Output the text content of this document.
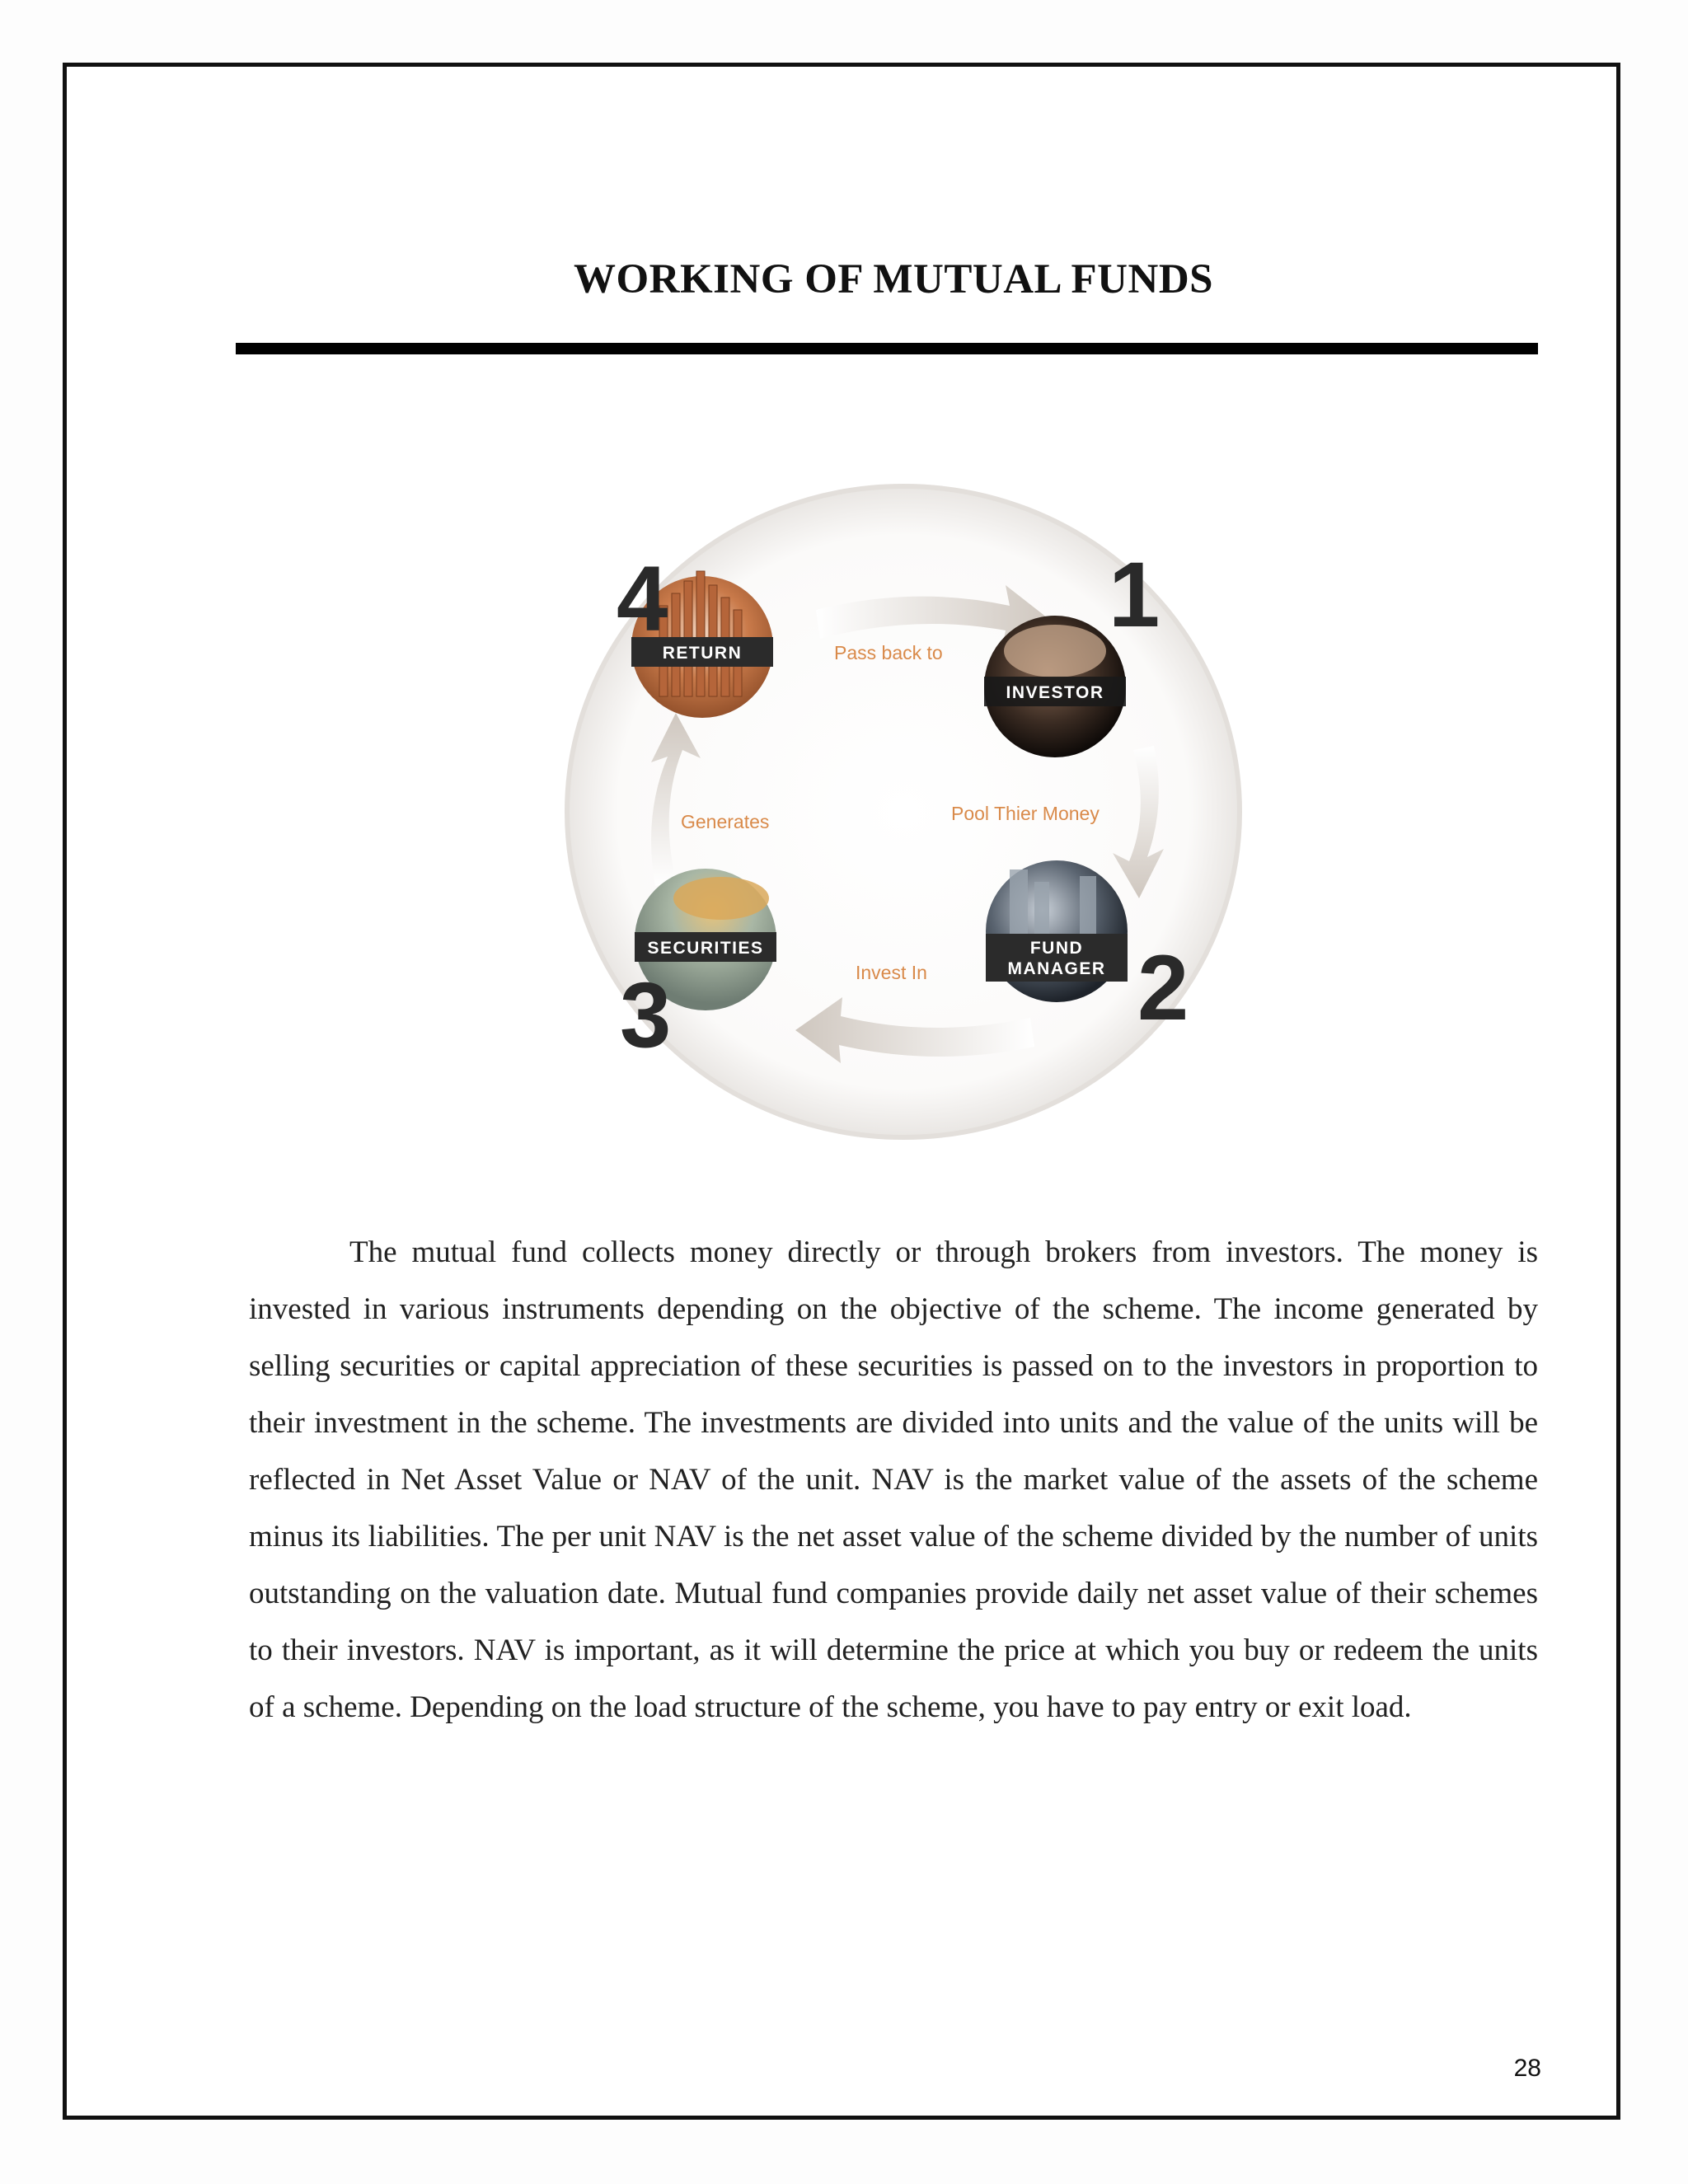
WORKING OF MUTUAL FUNDS
Pass back to
Pool Thier Money
Invest In
Generates
RETURN
4
INVESTOR
1
FUND
MANAGER 2
SECURITIES
3

The mutual fund collects money directly or through brokers from investors. The money is invested in various instruments depending on the objective of the scheme. The income generated by selling securities or capital appreciation of these securities is passed on to the investors in proportion to their investment in the scheme. The investments are divided into units and the value of the units will be reflected in Net Asset Value or NAV of the unit. NAV is the market value of the assets of the scheme minus its liabilities. The per unit NAV is the net asset value of the scheme divided by the number of units outstanding on the valuation date. Mutual fund companies provide daily net asset value of their schemes to their investors. NAV is important, as it will determine the price at which you buy or redeem the units of a scheme. Depending on the load structure of the scheme, you have to pay entry or exit load.

28
